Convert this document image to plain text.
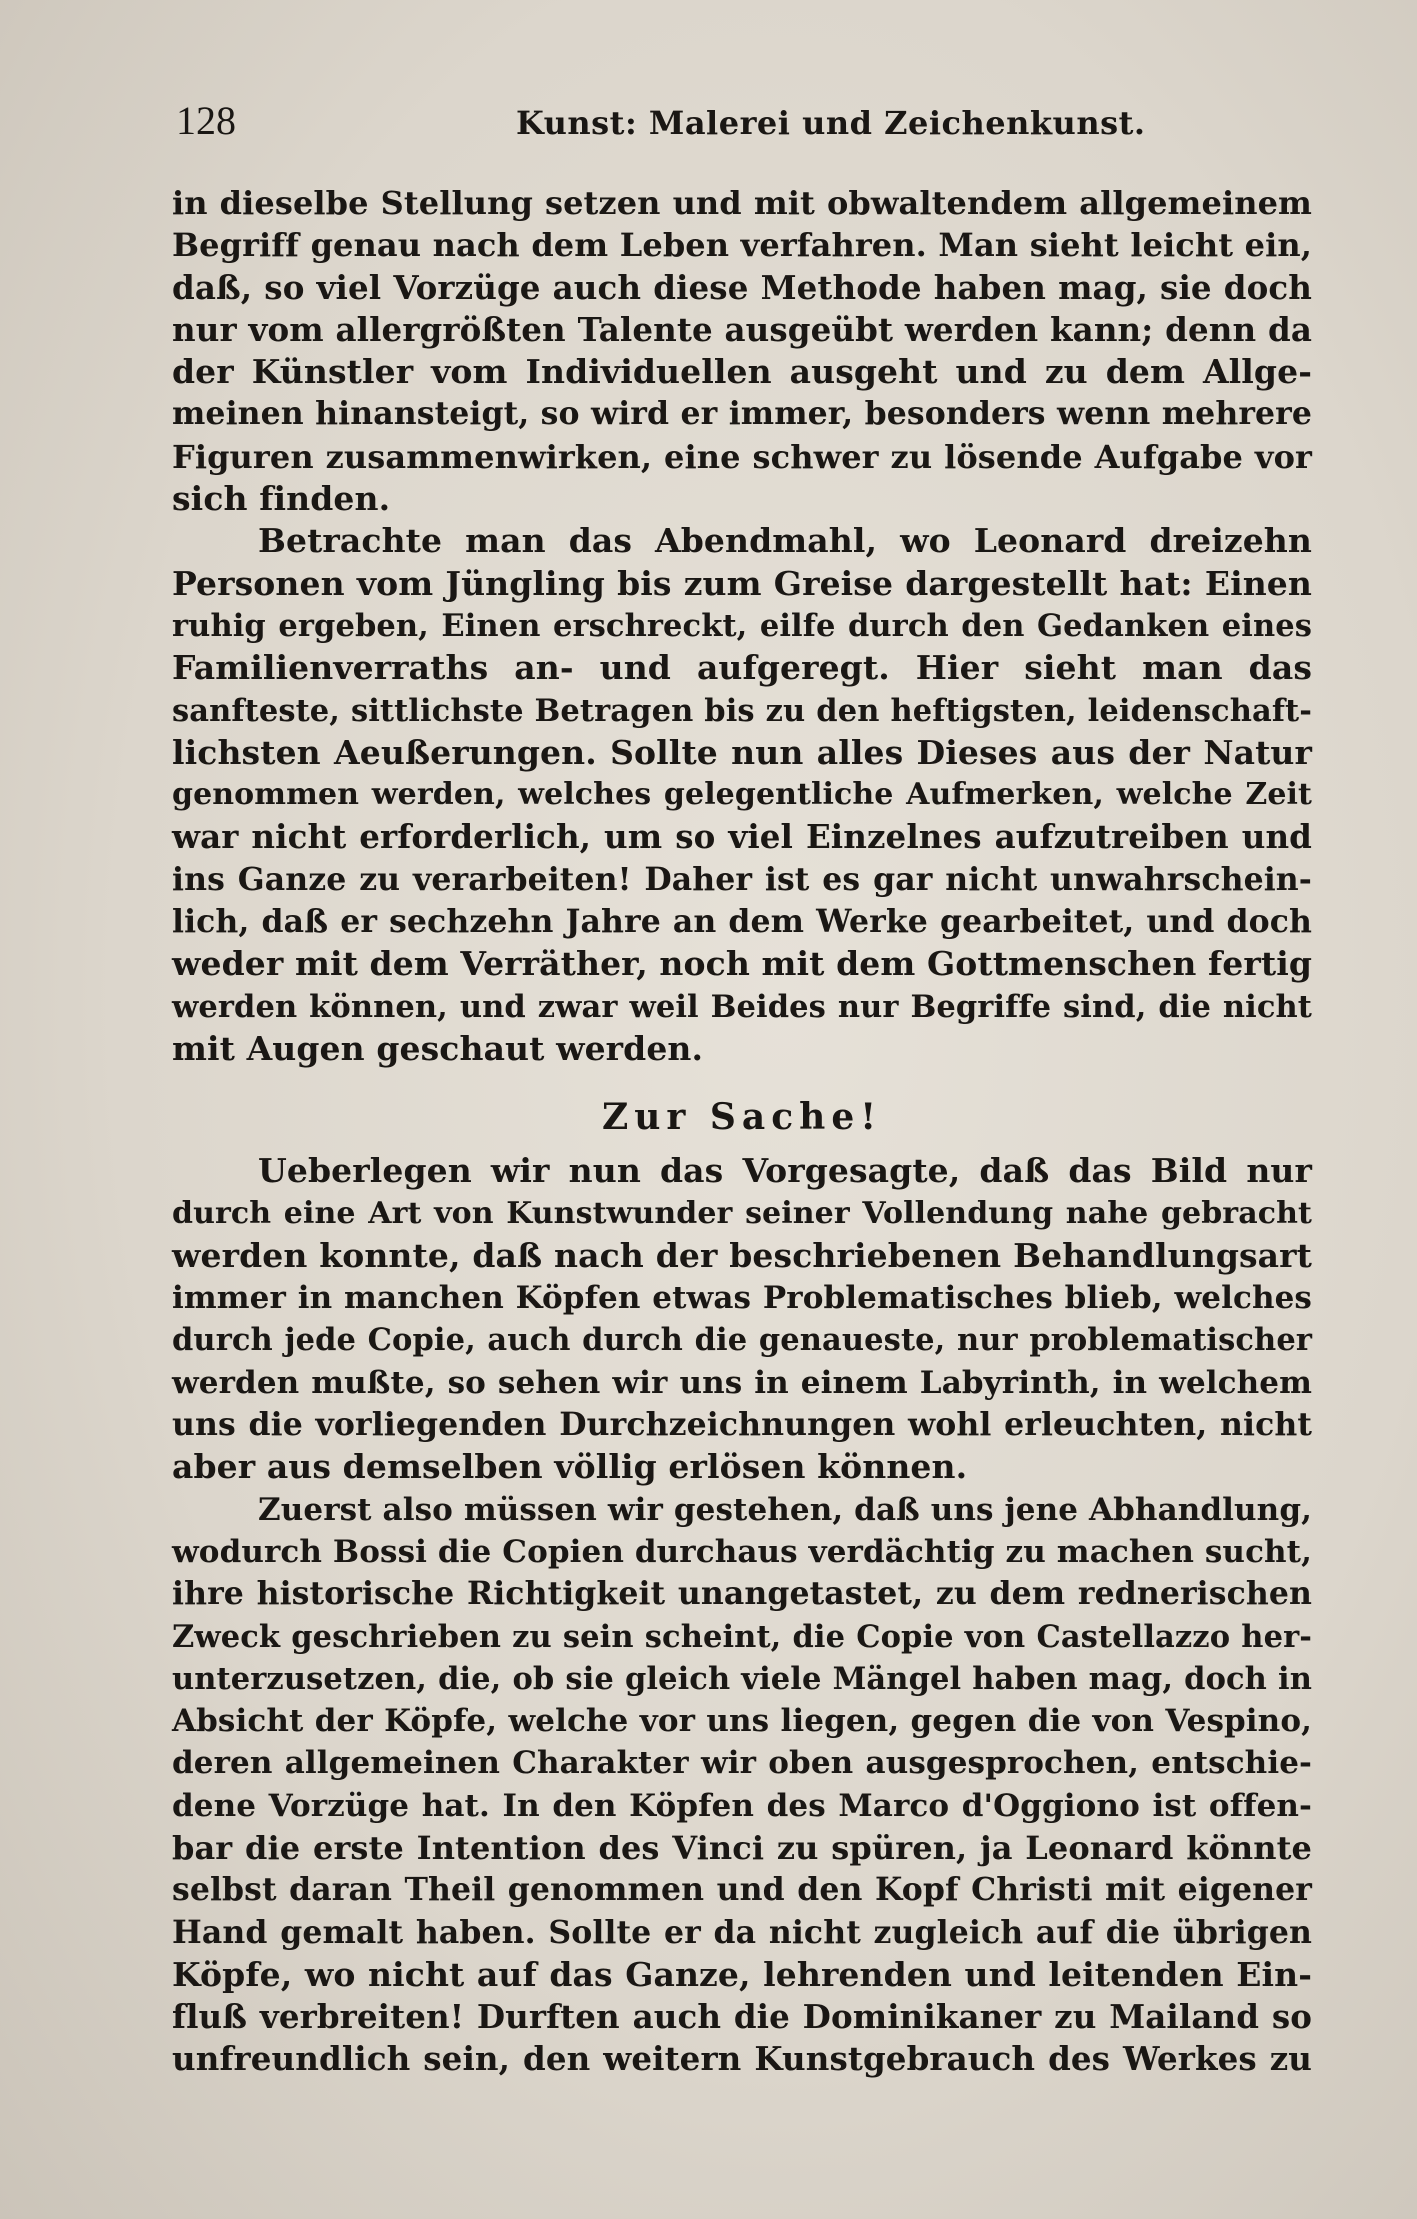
128	Kunst: Malerei und Zeichenkunst.
in dieselbe Stellung setzen und mit obwaltendem allgemeinem
Begriff genau nach dem Leben verfahren. Man sieht leicht ein,
daß, so viel Vorzüge auch diese Methode haben mag, sie doch
nur vom allergrößten Talente ausgeübt werden kann; denn da
der Künstler vom Individuellen ausgeht und zu dem Allge-
meinen hinansteigt, so wird er immer, besonders wenn mehrere
Figuren zusammenwirken, eine schwer zu lösende Aufgabe vor
sich finden.
Betrachte man das Abendmahl, wo Leonard dreizehn
Personen vom Jüngling bis zum Greise dargestellt hat: Einen
ruhig ergeben, Einen erschreckt, eilfe durch den Gedanken eines
Familienverraths an- und aufgeregt. Hier sieht man das
sanfteste, sittlichste Betragen bis zu den heftigsten, leidenschaft-
lichsten Aeußerungen. Sollte nun alles Dieses aus der Natur
genommen werden, welches gelegentliche Aufmerken, welche Zeit
war nicht erforderlich, um so viel Einzelnes aufzutreiben und
ins Ganze zu verarbeiten! Daher ist es gar nicht unwahrschein-
lich, daß er sechzehn Jahre an dem Werke gearbeitet, und doch
weder mit dem Verräther, noch mit dem Gottmenschen fertig
werden können, und zwar weil Beides nur Begriffe sind, die nicht
mit Augen geschaut werden.
Zur Sache!
Ueberlegen wir nun das Vorgesagte, daß das Bild nur
durch eine Art von Kunstwunder seiner Vollendung nahe gebracht
werden konnte, daß nach der beschriebenen Behandlungsart
immer in manchen Köpfen etwas Problematisches blieb, welches
durch jede Copie, auch durch die genaueste, nur problematischer
werden mußte, so sehen wir uns in einem Labyrinth, in welchem
uns die vorliegenden Durchzeichnungen wohl erleuchten, nicht
aber aus demselben völlig erlösen können.
Zuerst also müssen wir gestehen, daß uns jene Abhandlung,
wodurch Bossi die Copien durchaus verdächtig zu machen sucht,
ihre historische Richtigkeit unangetastet, zu dem rednerischen
Zweck geschrieben zu sein scheint, die Copie von Castellazzo her-
unterzusetzen, die, ob sie gleich viele Mängel haben mag, doch in
Absicht der Köpfe, welche vor uns liegen, gegen die von Vespino,
deren allgemeinen Charakter wir oben ausgesprochen, entschie-
dene Vorzüge hat. In den Köpfen des Marco d'Oggiono ist offen-
bar die erste Intention des Vinci zu spüren, ja Leonard könnte
selbst daran Theil genommen und den Kopf Christi mit eigener
Hand gemalt haben. Sollte er da nicht zugleich auf die übrigen
Köpfe, wo nicht auf das Ganze, lehrenden und leitenden Ein-
fluß verbreiten! Durften auch die Dominikaner zu Mailand so
unfreundlich sein, den weitern Kunstgebrauch des Werkes zu
